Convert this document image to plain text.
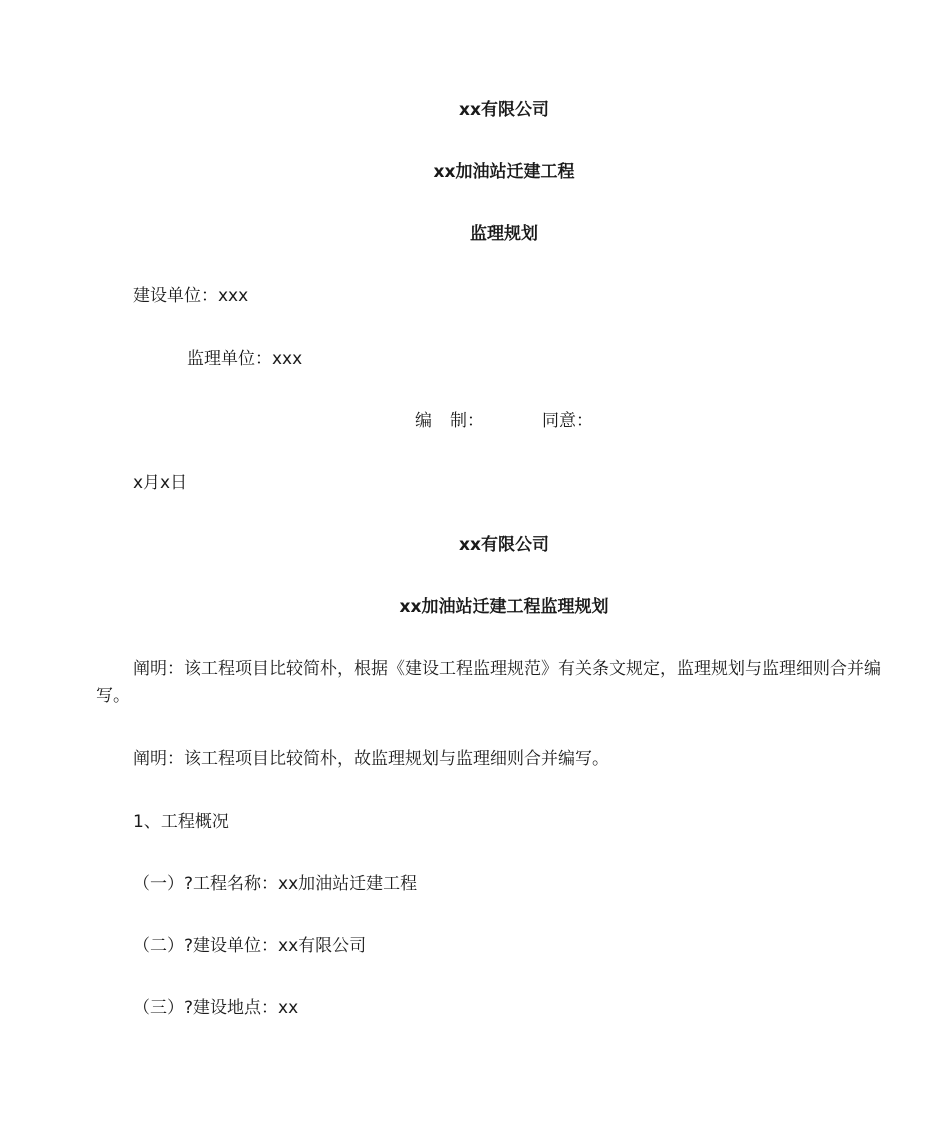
xx有限公司
xx加油站迁建工程
监理规划
建设单位：xxx
监理单位：xxx
编 制：	同意：
x月x日
xx有限公司
xx加油站迁建工程监理规划
阐明：该工程项目比较简朴，根据《建设工程监理规范》有关条文规定，监理规划与监理细则合并编写。
阐明：该工程项目比较简朴，故监理规划与监理细则合并编写。
1、工程概况
（一）?工程名称：xx加油站迁建工程
（二）?建设单位：xx有限公司
（三）?建设地点：xx
